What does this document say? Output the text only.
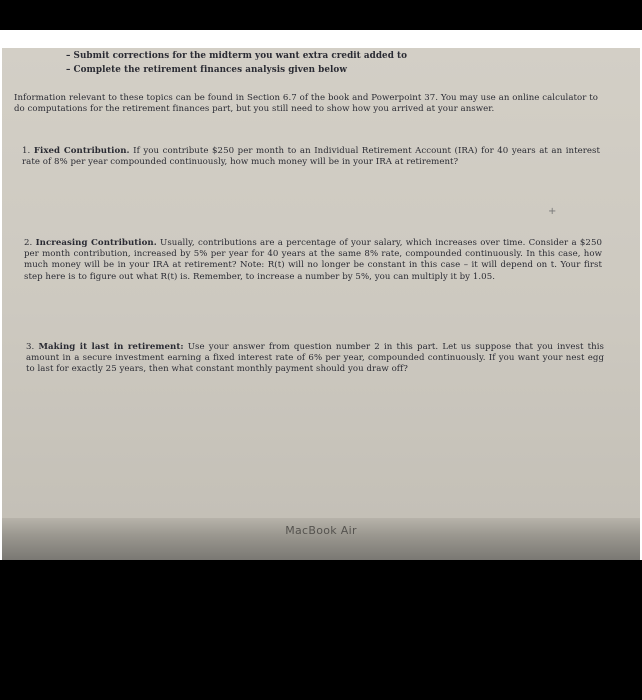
– Submit corrections for the midterm you want extra credit added to
– Complete the retirement finances analysis given below
Information relevant to these topics can be found in Section 6.7 of the book and Powerpoint 37. You may use an online calculator to do computations for the retirement finances part, but you still need to show how you arrived at your answer.
1. Fixed Contribution. If you contribute $250 per month to an Individual Retirement Account (IRA) for 40 years at an interest rate of 8% per year compounded continuously, how much money will be in your IRA at retirement?
+
2. Increasing Contribution. Usually, contributions are a percentage of your salary, which increases over time. Consider a $250 per month contribution, increased by 5% per year for 40 years at the same 8% rate, compounded continuously. In this case, how much money will be in your IRA at retirement? Note: R(t) will no longer be constant in this case – it will depend on t. Your first step here is to figure out what R(t) is. Remember, to increase a number by 5%, you can multiply it by 1.05.
3. Making it last in retirement: Use your answer from question number 2 in this part. Let us suppose that you invest this amount in a secure investment earning a fixed interest rate of 6% per year, compounded continuously. If you want your nest egg to last for exactly 25 years, then what constant monthly payment should you draw off?
MacBook Air
